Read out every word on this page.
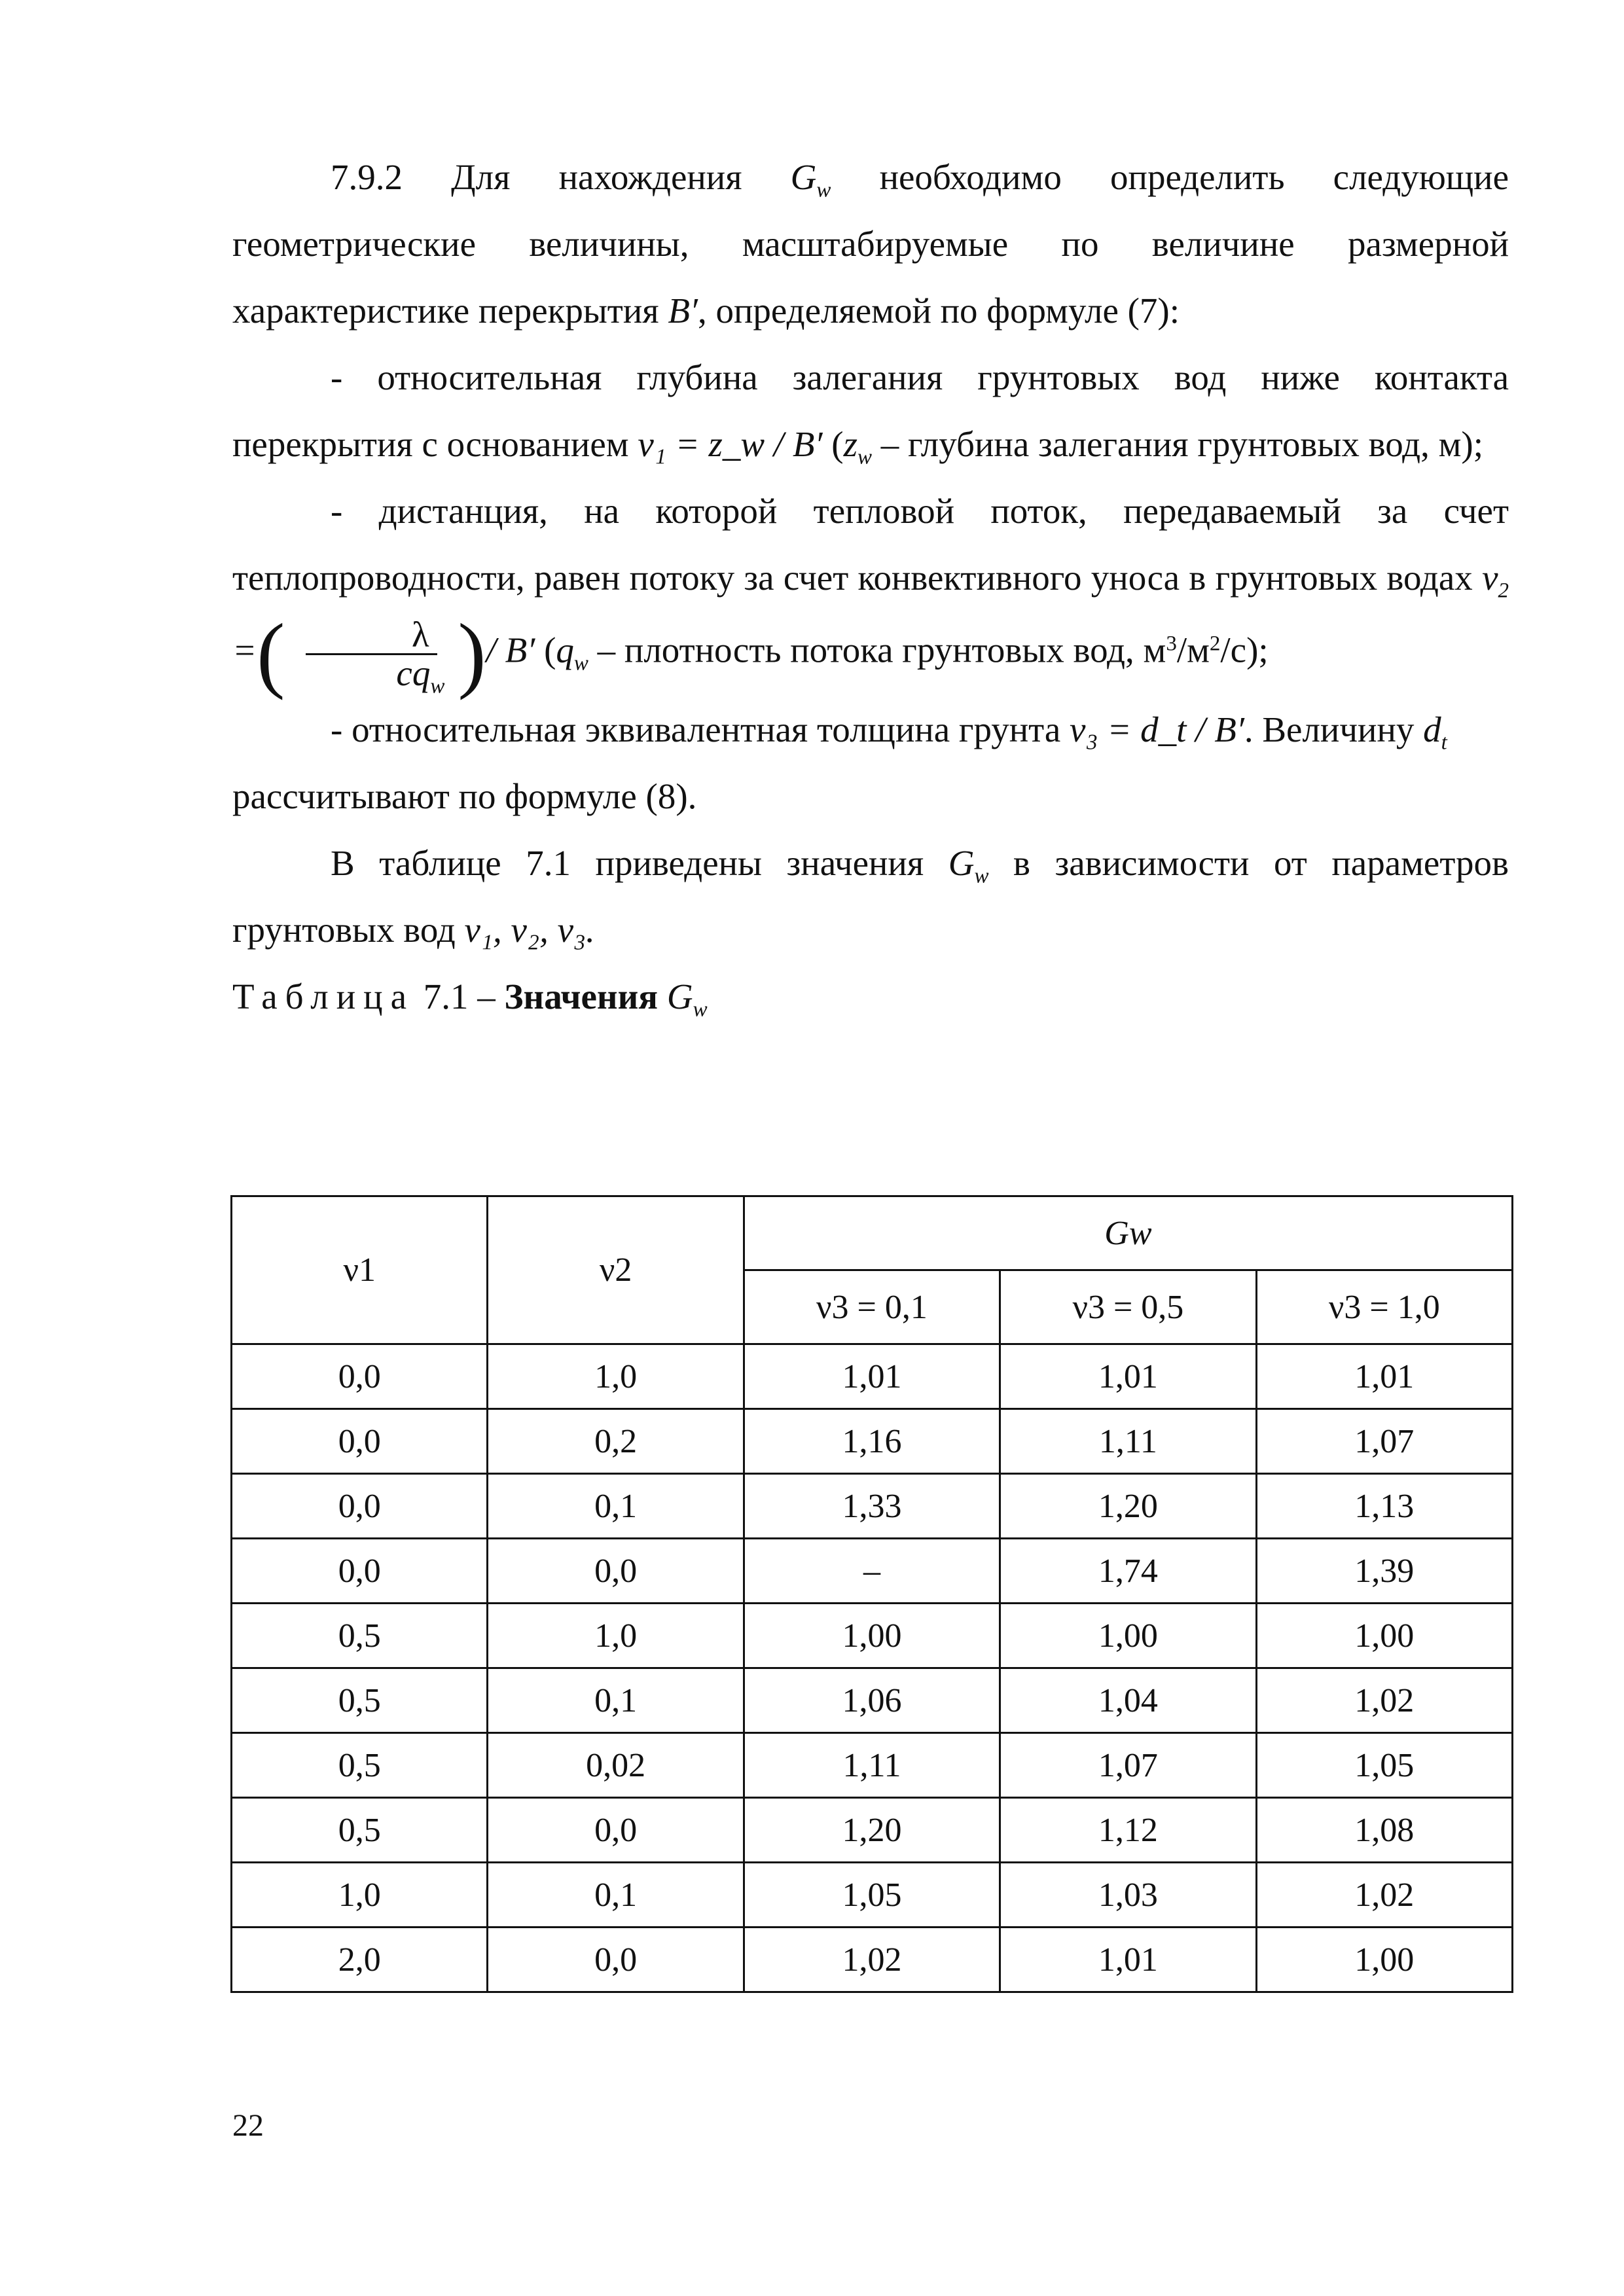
7.9.2 Для нахождения $G_w$ необходимо определить следующие геометрические величины, масштабируемые по величине размерной характеристике перекрытия B′, определяемой по формуле (7):

- относительная глубина залегания грунтовых вод ниже контакта перекрытия с основанием ν₁ = z_w / B′ ($z_w$ – глубина залегания грунтовых вод, м);

- дистанция, на которой тепловой поток, передаваемый за счет теплопроводности, равен потоку за счет конвективного уноса в грунтовых водах $\nu_2$ =( $\frac{\lambda}{cq_w}$ )/ B′ ($q_w$ – плотность потока грунтовых вод, $м^3/м^2/с$);

- относительная эквивалентная толщина грунта ν₃ = d_t / B′. Величину $d_t$

рассчитывают по формуле (8).

В таблице 7.1 приведены значения $G_w$ в зависимости от параметров грунтовых вод ν₁, ν₂, ν₃.

Таблица 7.1 – Значения $G_w$

ν1	ν2	Gw		
		ν3 = 0,1	ν3 = 0,5	ν3 = 1,0
0,0	1,0	1,01	1,01	1,01
0,0	0,2	1,16	1,11	1,07
0,0	0,1	1,33	1,20	1,13
0,0	0,0	–	1,74	1,39
0,5	1,0	1,00	1,00	1,00
0,5	0,1	1,06	1,04	1,02
0,5	0,02	1,11	1,07	1,05
0,5	0,0	1,20	1,12	1,08
1,0	0,1	1,05	1,03	1,02
2,0	0,0	1,02	1,01	1,00
22
